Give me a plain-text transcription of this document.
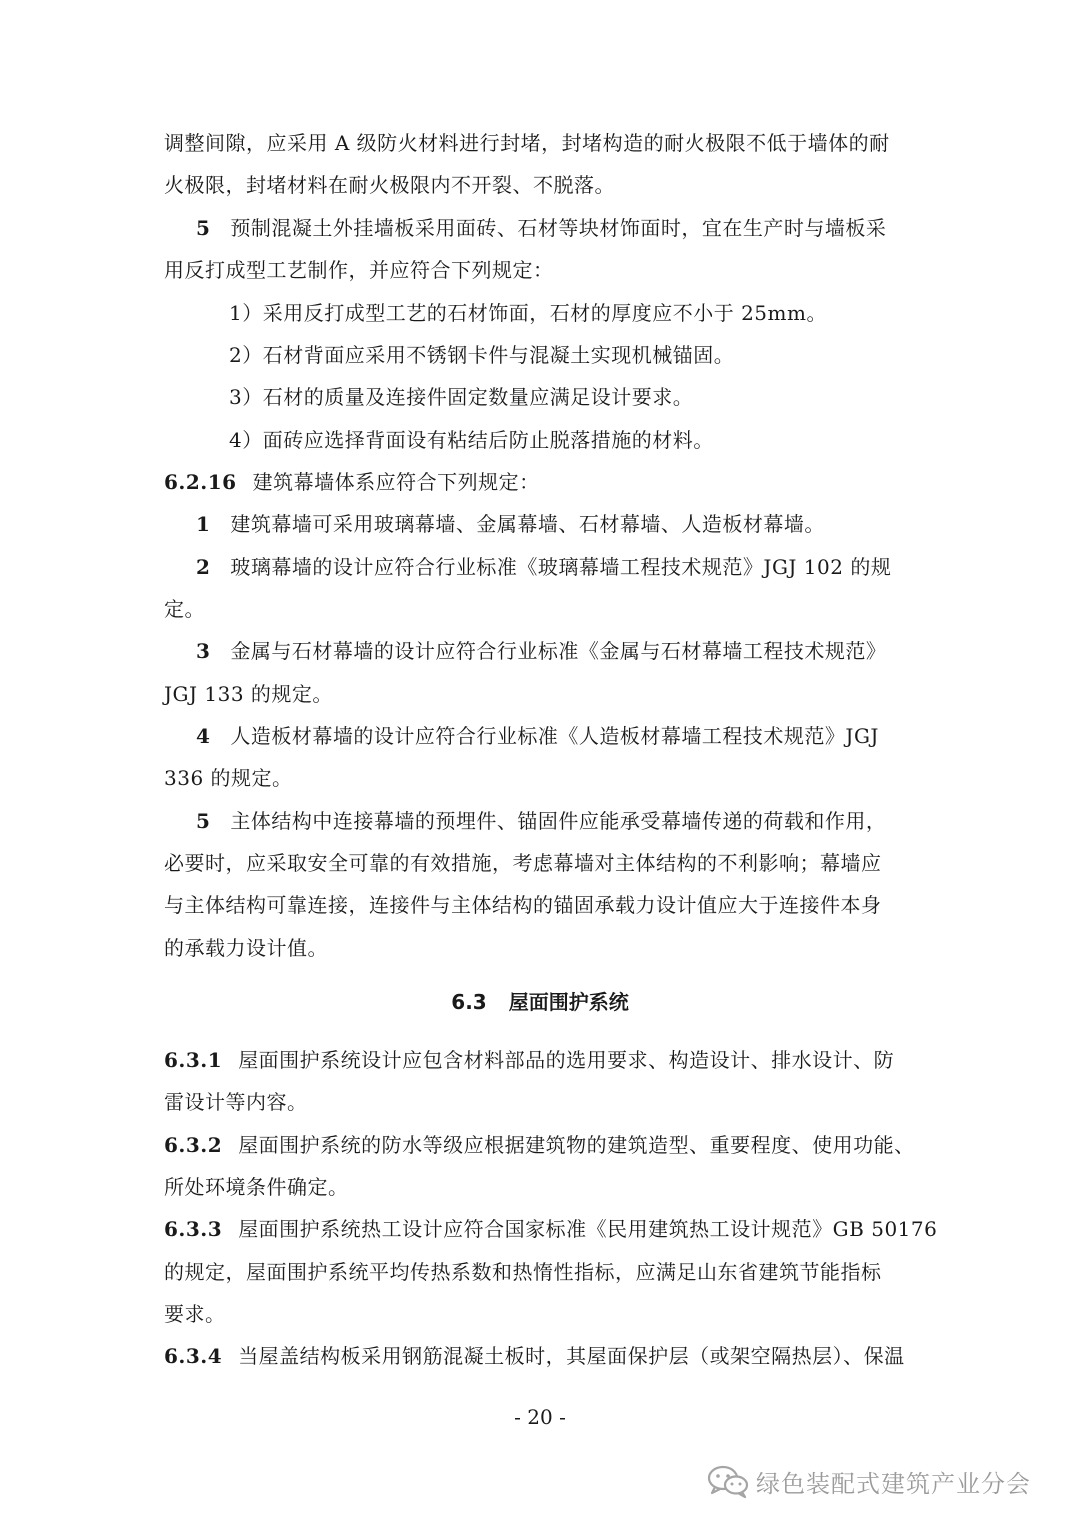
调整间隙，应采用 A 级防火材料进行封堵，封堵构造的耐火极限不低于墙体的耐
火极限，封堵材料在耐火极限内不开裂、不脱落。
5 预制混凝土外挂墙板采用面砖、石材等块材饰面时，宜在生产时与墙板采
用反打成型工艺制作，并应符合下列规定：
1）采用反打成型工艺的石材饰面，石材的厚度应不小于 25mm。
2）石材背面应采用不锈钢卡件与混凝土实现机械锚固。
3）石材的质量及连接件固定数量应满足设计要求。
4）面砖应选择背面设有粘结后防止脱落措施的材料。
6.2.16 建筑幕墙体系应符合下列规定：
1 建筑幕墙可采用玻璃幕墙、金属幕墙、石材幕墙、人造板材幕墙。
2 玻璃幕墙的设计应符合行业标准《玻璃幕墙工程技术规范》JGJ 102 的规
定。
3 金属与石材幕墙的设计应符合行业标准《金属与石材幕墙工程技术规范》
JGJ 133 的规定。
4 人造板材幕墙的设计应符合行业标准《人造板材幕墙工程技术规范》JGJ
336 的规定。
5 主体结构中连接幕墙的预埋件、锚固件应能承受幕墙传递的荷载和作用，
必要时，应采取安全可靠的有效措施，考虑幕墙对主体结构的不利影响；幕墙应
与主体结构可靠连接，连接件与主体结构的锚固承载力设计值应大于连接件本身
的承载力设计值。
6.3 屋面围护系统
6.3.1 屋面围护系统设计应包含材料部品的选用要求、构造设计、排水设计、防
雷设计等内容。
6.3.2 屋面围护系统的防水等级应根据建筑物的建筑造型、重要程度、使用功能、
所处环境条件确定。
6.3.3 屋面围护系统热工设计应符合国家标准《民用建筑热工设计规范》GB 50176
的规定，屋面围护系统平均传热系数和热惰性指标，应满足山东省建筑节能指标
要求。
6.3.4 当屋盖结构板采用钢筋混凝土板时，其屋面保护层（或架空隔热层）、保温
- 20 -
绿色装配式建筑产业分会
